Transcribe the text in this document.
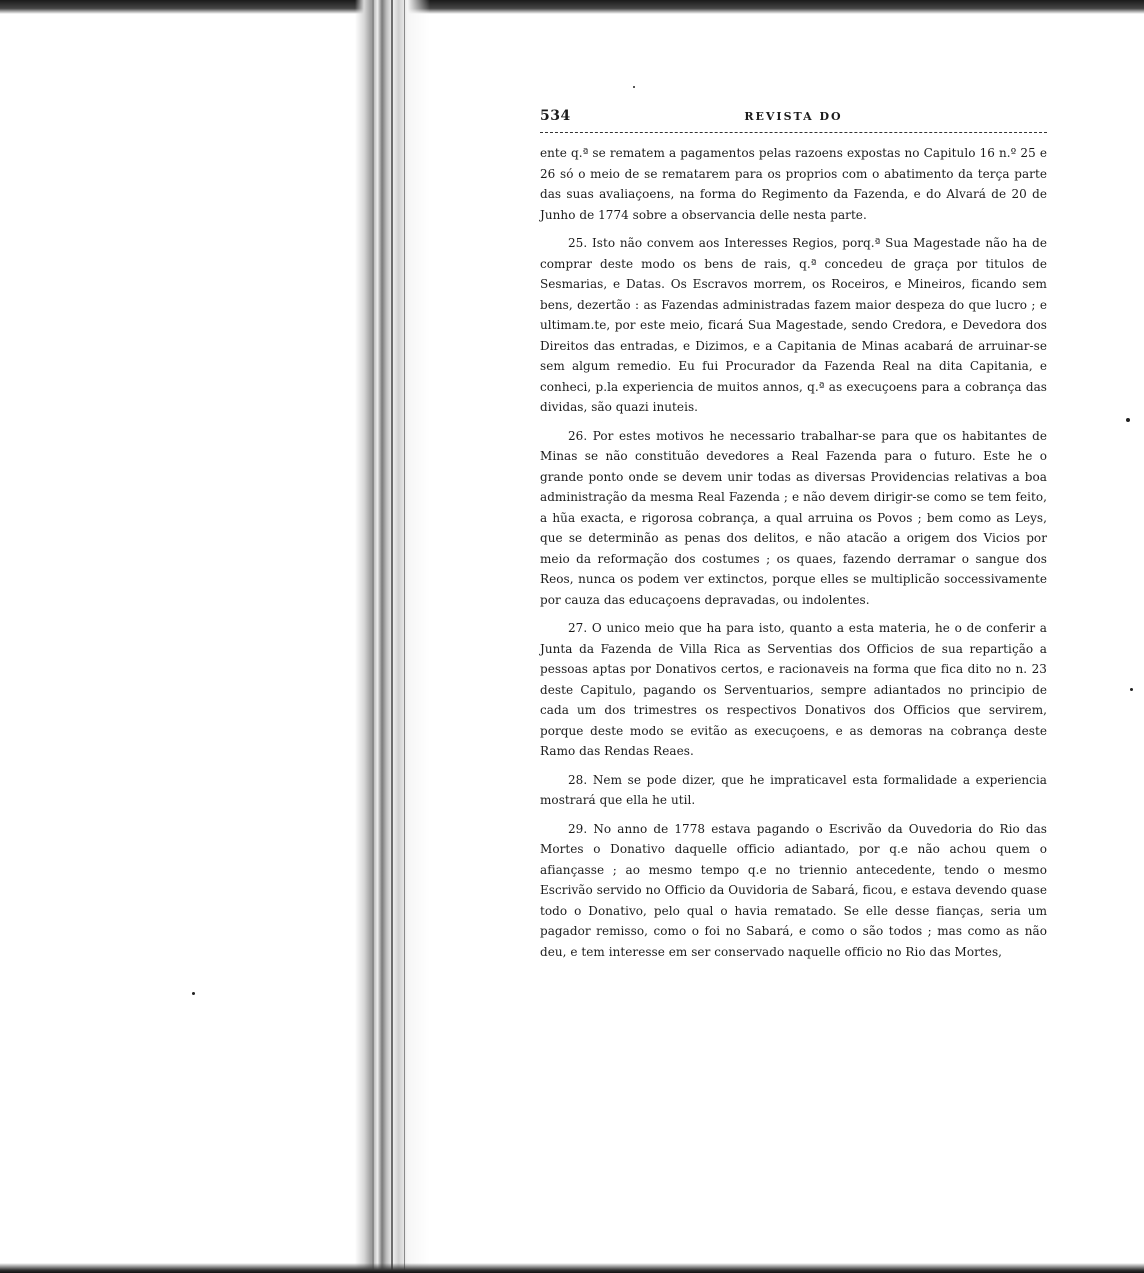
534	REVISTA DO

ente q.ª se rematem a pagamentos pelas razoens expostas no Capitulo 16 n.º 25 e 26 só o meio de se rematarem para os proprios com o abatimento da terça parte das suas avaliaçoens, na forma do Regimento da Fazenda, e do Alvará de 20 de Junho de 1774 sobre a observancia delle nesta parte.

25. Isto não convem aos Interesses Regios, porq.ª Sua Magestade não ha de comprar deste modo os bens de rais, q.ª concedeu de graça por titulos de Sesmarias, e Datas. Os Escravos morrem, os Roceiros, e Mineiros, ficando sem bens, dezertão : as Fazendas administradas fazem maior despeza do que lucro ; e ultimam.te, por este meio, ficará Sua Magestade, sendo Credora, e Devedora dos Direitos das entradas, e Dizimos, e a Capitania de Minas acabará de arruinar-se sem algum remedio. Eu fui Procurador da Fazenda Real na dita Capitania, e conheci, p.la experiencia de muitos annos, q.ª as execuçoens para a cobrança das dividas, são quazi inuteis.

26. Por estes motivos he necessario trabalhar-se para que os habitantes de Minas se não constituão devedores a Real Fazenda para o futuro. Este he o grande ponto onde se devem unir todas as diversas Providencias relativas a boa administração da mesma Real Fazenda ; e não devem dirigir-se como se tem feito, a hũa exacta, e rigorosa cobrança, a qual arruina os Povos ; bem como as Leys, que se determinão as penas dos delitos, e não atacão a origem dos Vicios por meio da reformação dos costumes ; os quaes, fazendo derramar o sangue dos Reos, nunca os podem ver extinctos, porque elles se multiplicão soccessivamente por cauza das educaçoens depravadas, ou indolentes.

27. O unico meio que ha para isto, quanto a esta materia, he o de conferir a Junta da Fazenda de Villa Rica as Serventias dos Officios de sua repartição a pessoas aptas por Donativos certos, e racionaveis na forma que fica dito no n. 23 deste Capitulo, pagando os Serventuarios, sempre adiantados no principio de cada um dos trimestres os respectivos Donativos dos Officios que servirem, porque deste modo se evitão as execuçoens, e as demoras na cobrança deste Ramo das Rendas Reaes.

28. Nem se pode dizer, que he impraticavel esta formalidade a experiencia mostrará que ella he util.

29. No anno de 1778 estava pagando o Escrivão da Ouvedoria do Rio das Mortes o Donativo daquelle officio adiantado, por q.e não achou quem o afiançasse ; ao mesmo tempo q.e no triennio antecedente, tendo o mesmo Escrivão servido no Officio da Ouvidoria de Sabará, ficou, e estava devendo quase todo o Donativo, pelo qual o havia rematado. Se elle desse fianças, seria um pagador remisso, como o foi no Sabará, e como o são todos ; mas como as não deu, e tem interesse em ser conservado naquelle officio no Rio das Mortes,
